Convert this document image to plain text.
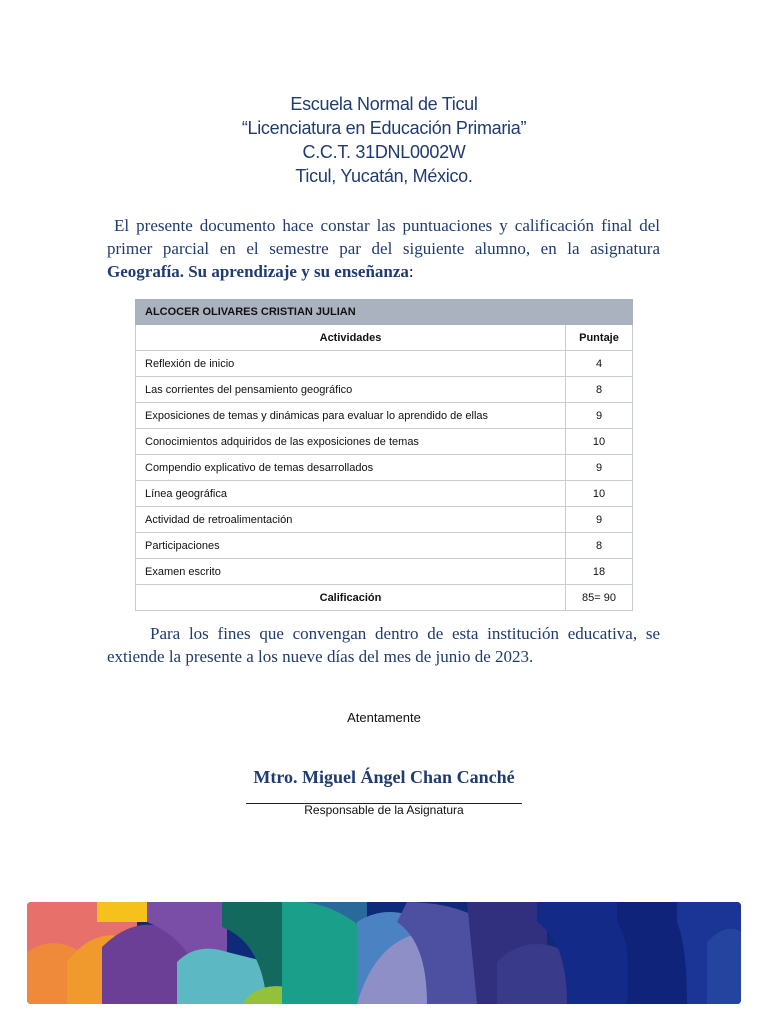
Escuela Normal de Ticul
“Licenciatura en Educación Primaria”
C.C.T. 31DNL0002W
Ticul, Yucatán, México.
El presente documento hace constar las puntuaciones y calificación final del primer parcial en el semestre par del siguiente alumno, en la asignatura Geografía. Su aprendizaje y su enseñanza:
ALCOCER OLIVARES CRISTIAN JULIAN	
Actividades	Puntaje
Reflexión de inicio	4
Las corrientes del pensamiento geográfico	8
Exposiciones de temas y dinámicas para evaluar lo aprendido de ellas	9
Conocimientos adquiridos de las exposiciones de temas	10
Compendio explicativo de temas desarrollados	9
Línea geográfica	10
Actividad de retroalimentación	9
Participaciones	8
Examen escrito	18
Calificación	85= 90
Para los fines que convengan dentro de esta institución educativa, se extiende la presente a los nueve días del mes de junio de 2023.
Atentamente
Mtro. Miguel Ángel Chan Canché
Responsable de la Asignatura
